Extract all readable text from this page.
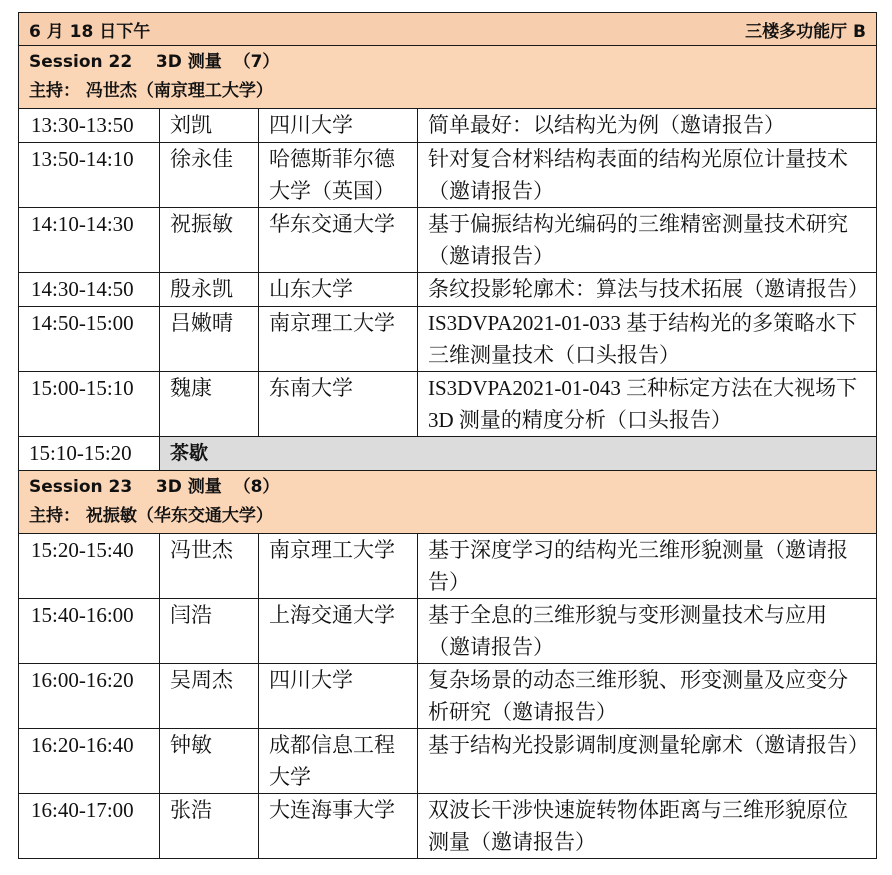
6 月 18 日下午 三楼多功能厅 B			

Session 22    3D 测量  （7）
主持： 冯世杰（南京理工大学）			

13:30-13:50	刘凯	四川大学	简单最好：以结构光为例（邀请报告）
13:50-14:10	徐永佳	哈德斯菲尔德大学（英国）	针对复合材料结构表面的结构光原位计量技术（邀请报告）
14:10-14:30	祝振敏	华东交通大学	基于偏振结构光编码的三维精密测量技术研究（邀请报告）
14:30-14:50	殷永凯	山东大学	条纹投影轮廓术：算法与技术拓展（邀请报告）
14:50-15:00	吕嫩晴	南京理工大学	IS3DVPA2021-01-033 基于结构光的多策略水下三维测量技术（口头报告）
15:00-15:10	魏康	东南大学	IS3DVPA2021-01-043 三种标定方法在大视场下 3D 测量的精度分析（口头报告）
15:10-15:20	茶歇		

Session 23    3D 测量  （8）
主持： 祝振敏（华东交通大学）			

15:20-15:40	冯世杰	南京理工大学	基于深度学习的结构光三维形貌测量（邀请报告）
15:40-16:00	闫浩	上海交通大学	基于全息的三维形貌与变形测量技术与应用（邀请报告）
16:00-16:20	吴周杰	四川大学	复杂场景的动态三维形貌、形变测量及应变分析研究（邀请报告）
16:20-16:40	钟敏	成都信息工程大学	基于结构光投影调制度测量轮廓术（邀请报告）
16:40-17:00	张浩	大连海事大学	双波长干涉快速旋转物体距离与三维形貌原位测量（邀请报告）
